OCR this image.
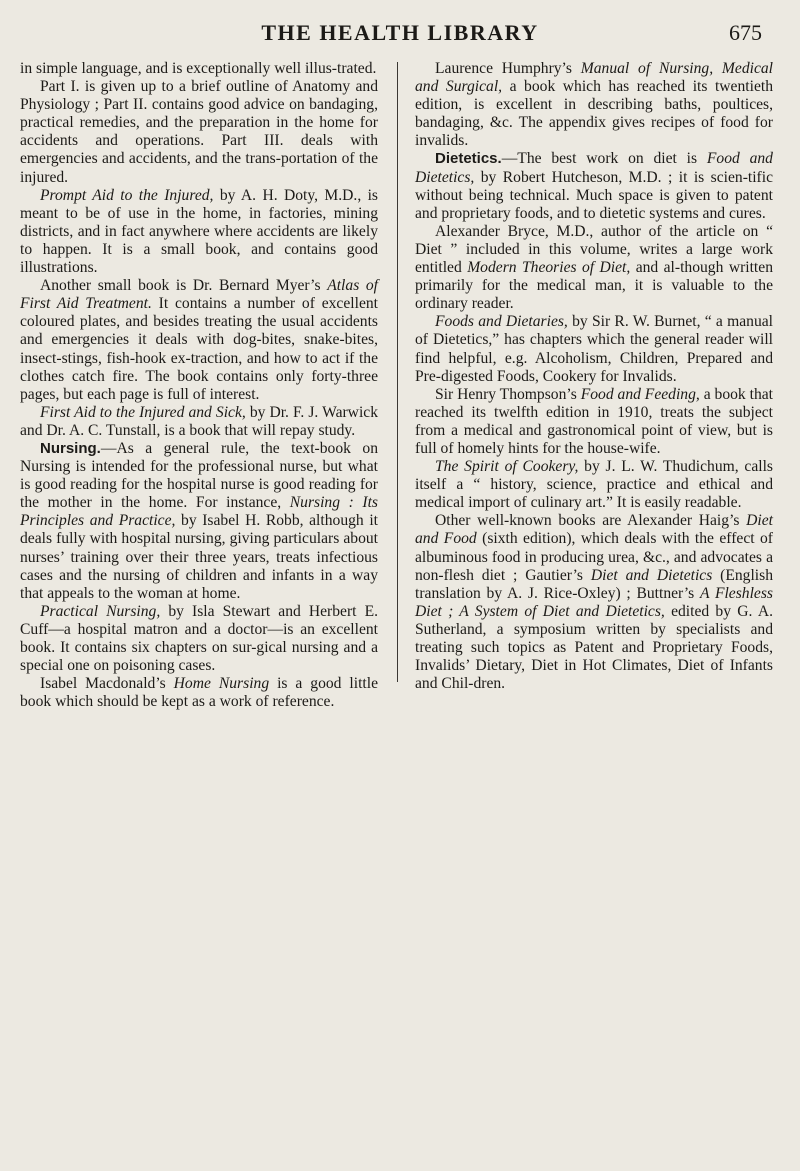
THE HEALTH LIBRARY	675

in simple language, and is exceptionally well illus-trated.

Part I. is given up to a brief outline of Anatomy and Physiology ; Part II. contains good advice on bandaging, practical remedies, and the preparation in the home for accidents and operations. Part III. deals with emergencies and accidents, and the trans-portation of the injured.

Prompt Aid to the Injured, by A. H. Doty, M.D., is meant to be of use in the home, in factories, mining districts, and in fact anywhere where accidents are likely to happen. It is a small book, and contains good illustrations.

Another small book is Dr. Bernard Myer’s Atlas of First Aid Treatment. It contains a number of excellent coloured plates, and besides treating the usual accidents and emergencies it deals with dog-bites, snake-bites, insect-stings, fish-hook ex-traction, and how to act if the clothes catch fire. The book contains only forty-three pages, but each page is full of interest.

First Aid to the Injured and Sick, by Dr. F. J. Warwick and Dr. A. C. Tunstall, is a book that will repay study.

Nursing.—As a general rule, the text-book on Nursing is intended for the professional nurse, but what is good reading for the hospital nurse is good reading for the mother in the home. For instance, Nursing : Its Principles and Practice, by Isabel H. Robb, although it deals fully with hospital nursing, giving particulars about nurses’ training over their three years, treats infectious cases and the nursing of children and infants in a way that appeals to the woman at home.

Practical Nursing, by Isla Stewart and Herbert E. Cuff—a hospital matron and a doctor—is an excellent book. It contains six chapters on sur-gical nursing and a special one on poisoning cases.

Isabel Macdonald’s Home Nursing is a good little book which should be kept as a work of reference.

Laurence Humphry’s Manual of Nursing, Medical and Surgical, a book which has reached its twentieth edition, is excellent in describing baths, poultices, bandaging, &c. The appendix gives recipes of food for invalids.

Dietetics.—The best work on diet is Food and Dietetics, by Robert Hutcheson, M.D. ; it is scien-tific without being technical. Much space is given to patent and proprietary foods, and to dietetic systems and cures.

Alexander Bryce, M.D., author of the article on “ Diet ” included in this volume, writes a large work entitled Modern Theories of Diet, and al-though written primarily for the medical man, it is valuable to the ordinary reader.

Foods and Dietaries, by Sir R. W. Burnet, “ a manual of Dietetics,” has chapters which the general reader will find helpful, e.g. Alcoholism, Children, Prepared and Pre-digested Foods, Cookery for Invalids.

Sir Henry Thompson’s Food and Feeding, a book that reached its twelfth edition in 1910, treats the subject from a medical and gastronomical point of view, but is full of homely hints for the house-wife.

The Spirit of Cookery, by J. L. W. Thudichum, calls itself a “ history, science, practice and ethical and medical import of culinary art.” It is easily readable.

Other well-known books are Alexander Haig’s Diet and Food (sixth edition), which deals with the effect of albuminous food in producing urea, &c., and advocates a non-flesh diet ; Gautier’s Diet and Dietetics (English translation by A. J. Rice-Oxley) ; Buttner’s A Fleshless Diet ; A System of Diet and Dietetics, edited by G. A. Sutherland, a symposium written by specialists and treating such topics as Patent and Proprietary Foods, Invalids’ Dietary, Diet in Hot Climates, Diet of Infants and Chil-dren.
